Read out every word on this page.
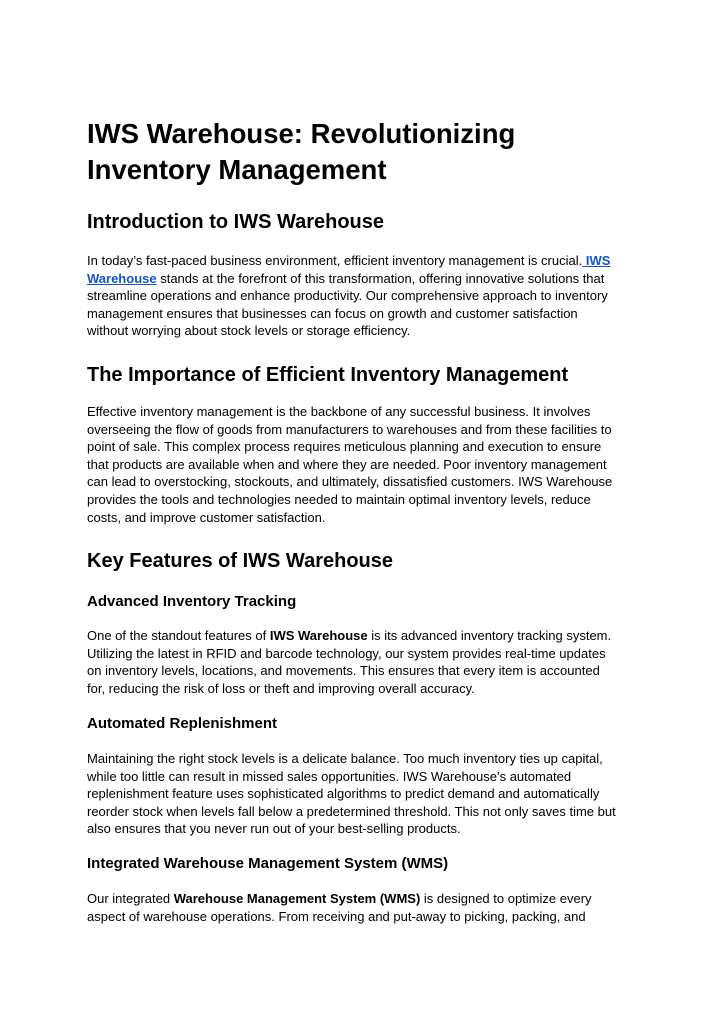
IWS Warehouse: Revolutionizing
Inventory Management
Introduction to IWS Warehouse

In today’s fast-paced business environment, efficient inventory management is crucial. IWS
Warehouse stands at the forefront of this transformation, offering innovative solutions that
streamline operations and enhance productivity. Our comprehensive approach to inventory
management ensures that businesses can focus on growth and customer satisfaction
without worrying about stock levels or storage efficiency.

The Importance of Efficient Inventory Management

Effective inventory management is the backbone of any successful business. It involves
overseeing the flow of goods from manufacturers to warehouses and from these facilities to
point of sale. This complex process requires meticulous planning and execution to ensure
that products are available when and where they are needed. Poor inventory management
can lead to overstocking, stockouts, and ultimately, dissatisfied customers. IWS Warehouse
provides the tools and technologies needed to maintain optimal inventory levels, reduce
costs, and improve customer satisfaction.

Key Features of IWS Warehouse
Advanced Inventory Tracking

One of the standout features of IWS Warehouse is its advanced inventory tracking system.
Utilizing the latest in RFID and barcode technology, our system provides real-time updates
on inventory levels, locations, and movements. This ensures that every item is accounted
for, reducing the risk of loss or theft and improving overall accuracy.

Automated Replenishment

Maintaining the right stock levels is a delicate balance. Too much inventory ties up capital,
while too little can result in missed sales opportunities. IWS Warehouse’s automated
replenishment feature uses sophisticated algorithms to predict demand and automatically
reorder stock when levels fall below a predetermined threshold. This not only saves time but
also ensures that you never run out of your best-selling products.

Integrated Warehouse Management System (WMS)

Our integrated Warehouse Management System (WMS) is designed to optimize every
aspect of warehouse operations. From receiving and put-away to picking, packing, and
